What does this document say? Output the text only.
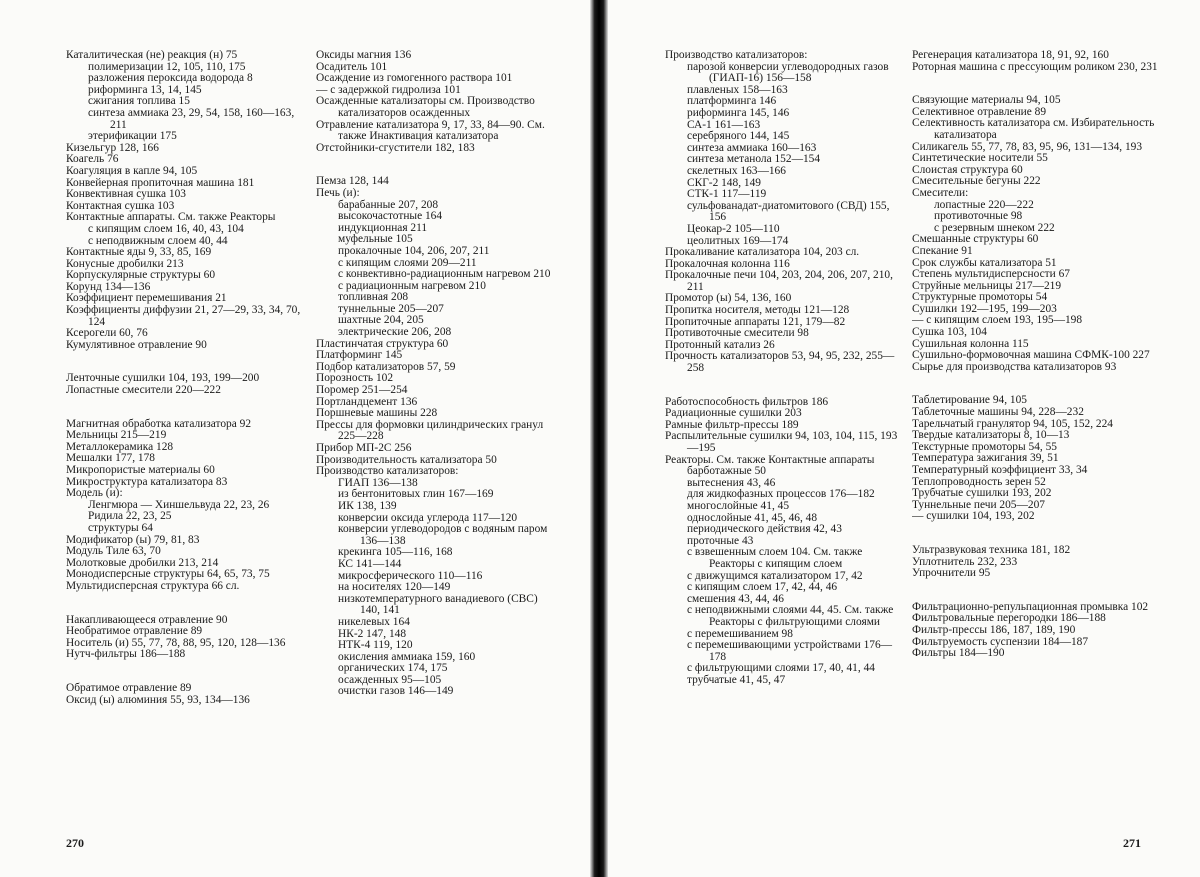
Каталитическая (не) реакция (н) 75
полимеризации 12, 105, 110, 175
разложения пероксида водорода 8
риформинга 13, 14, 145
сжигания топлива 15
синтеза аммиака 23, 29, 54, 158, 160—163, 211
этерификации 175
Кизельгур 128, 166
Коагель 76
Коагуляция в капле 94, 105
Конвейерная пропиточная машина 181
Конвективная сушка 103
Контактная сушка 103
Контактные аппараты. См. также Реакторы
с кипящим слоем 16, 40, 43, 104
с неподвижным слоем 40, 44
Контактные яды 9, 33, 85, 169
Конусные дробилки 213
Корпускулярные структуры 60
Корунд 134—136
Коэффициент перемешивания 21
Коэффициенты диффузии 21, 27—29, 33, 34, 70, 124
Ксерогели 60, 76
Кумулятивное отравление 90
Ленточные сушилки 104, 193, 199—200
Лопастные смесители 220—222
Магнитная обработка катализатора 92
Мельницы 215—219
Металлокерамика 128
Мешалки 177, 178
Микропористые материалы 60
Микроструктура катализатора 83
Модель (и):
Ленгмюра — Хиншельвуда 22, 23, 26
Ридила 22, 23, 25
структуры 64
Модификатор (ы) 79, 81, 83
Модуль Тиле 63, 70
Молотковые дробилки 213, 214
Монодисперсные структуры 64, 65, 73, 75
Мультидисперсная структура 66 сл.
Накапливающееся отравление 90
Необратимое отравление 89
Носитель (и) 55, 77, 78, 88, 95, 120, 128—136
Нутч-фильтры 186—188
Обратимое отравление 89
Оксид (ы) алюминия 55, 93, 134—136
Оксиды магния 136
Осадитель 101
Осаждение из гомогенного раствора 101
— с задержкой гидролиза 101
Осажденные катализаторы см. Производство катализаторов осажденных
Отравление катализатора 9, 17, 33, 84—90. См. также Инактивация катализатора
Отстойники-сгустители 182, 183
Пемза 128, 144
Печь (и):
барабанные 207, 208
высокочастотные 164
индукционная 211
муфельные 105
прокалочные 104, 206, 207, 211
с кипящим слоями 209—211
с конвективно-радиационным нагревом 210
с радиационным нагревом 210
топливная 208
туннельные 205—207
шахтные 204, 205
электрические 206, 208
Пластинчатая структура 60
Платформинг 145
Подбор катализаторов 57, 59
Порозность 102
Поромер 251—254
Портландцемент 136
Поршневые машины 228
Прессы для формовки цилиндрических гранул 225—228
Прибор МП-2С 256
Производительность катализатора 50
Производство катализаторов:
ГИАП 136—138
из бентонитовых глин 167—169
ИК 138, 139
конверсии оксида углерода 117—120
конверсии углеводородов с водяным паром 136—138
крекинга 105—116, 168
КС 141—144
микросферического 110—116
на носителях 120—149
низкотемпературного ванадиевого (СВС) 140, 141
никелевых 164
НК-2 147, 148
НТК-4 119, 120
окисления аммиака 159, 160
органических 174, 175
осажденных 95—105
очистки газов 146—149
Производство катализаторов:
парозой конверсии углеводородных газов (ГИАП-16) 156—158
плавленых 158—163
платформинга 146
риформинга 145, 146
СА-1 161—163
серебряного 144, 145
синтеза аммиака 160—163
синтеза метанола 152—154
скелетных 163—166
СКГ-2 148, 149
СТК-1 117—119
сульфованадат-диатомитового (СВД) 155, 156
Цеокар-2 105—110
цеолитных 169—174
Прокаливание катализатора 104, 203 сл.
Прокалочная колонна 116
Прокалочные печи 104, 203, 204, 206, 207, 210, 211
Промотор (ы) 54, 136, 160
Пропитка носителя, методы 121—128
Пропиточные аппараты 121, 179—82
Противоточные смесители 98
Протонный катализ 26
Прочность катализаторов 53, 94, 95, 232, 255—258
Работоспособность фильтров 186
Радиационные сушилки 203
Рамные фильтр-прессы 189
Распылительные сушилки 94, 103, 104, 115, 193—195
Реакторы. См. также Контактные аппараты
барботажные 50
вытеснения 43, 46
для жидкофазных процессов 176—182
многослойные 41, 45
однослойные 41, 45, 46, 48
периодического действия 42, 43
проточные 43
с взвешенным слоем 104. См. также Реакторы с кипящим слоем
с движущимся катализатором 17, 42
с кипящим слоем 17, 42, 44, 46
смешения 43, 44, 46
с неподвижными слоями 44, 45. См. также Реакторы с фильтрующими слоями
с перемешиванием 98
с перемешивающими устройствами 176—178
с фильтрующими слоями 17, 40, 41, 44
трубчатые 41, 45, 47
Регенерация катализатора 18, 91, 92, 160
Роторная машина с прессующим роликом 230, 231
Связующие материалы 94, 105
Селективное отравление 89
Селективность катализатора см. Избирательность катализатора
Силикагель 55, 77, 78, 83, 95, 96, 131—134, 193
Синтетические носители 55
Слоистая структура 60
Смесительные бегуны 222
Смесители:
лопастные 220—222
противоточные 98
с резервным шнеком 222
Смешанные структуры 60
Спекание 91
Срок службы катализатора 51
Степень мультидисперсности 67
Струйные мельницы 217—219
Структурные промоторы 54
Сушилки 192—195, 199—203
— с кипящим слоем 193, 195—198
Сушка 103, 104
Сушильная колонна 115
Сушильно-формовочная машина СФМК-100 227
Сырье для производства катализаторов 93
Таблетирование 94, 105
Таблеточные машины 94, 228—232
Тарельчатый гранулятор 94, 105, 152, 224
Твердые катализаторы 8, 10—13
Текстурные промоторы 54, 55
Температура зажигания 39, 51
Температурный коэффициент 33, 34
Теплопроводность зерен 52
Трубчатые сушилки 193, 202
Туннельные печи 205—207
— сушилки 104, 193, 202
Ультразвуковая техника 181, 182
Уплотнитель 232, 233
Упрочнители 95
Фильтрационно-репульпационная промывка 102
Фильтровальные перегородки 186—188
Фильтр-прессы 186, 187, 189, 190
Фильтруемость суспензии 184—187
Фильтры 184—190
270	271
